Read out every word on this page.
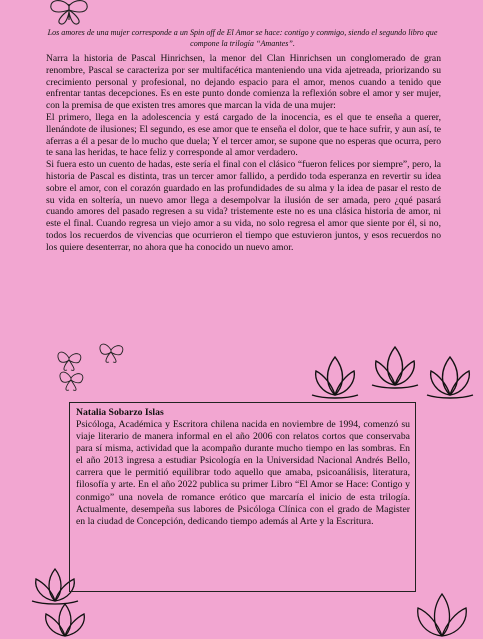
Los amores de una mujer corresponde a un Spin off de El Amor se hace: contigo y conmigo, siendo el segundo libro que compone la trilogía “Amantes”.

Narra la historia de Pascal Hinrichsen, la menor del Clan Hinrichsen un conglomerado de gran renombre, Pascal se caracteriza por ser multifacética manteniendo una vida ajetreada, priorizando su crecimiento personal y profesional, no dejando espacio para el amor, menos cuando a tenido que enfrentar tantas decepciones. Es en este punto donde comienza la reflexión sobre el amor y ser mujer, con la premisa de que existen tres amores que marcan la vida de una mujer:

El primero, llega en la adolescencia y está cargado de la inocencia, es el que te enseña a querer, llenándote de ilusiones; El segundo, es ese amor que te enseña el dolor, que te hace sufrir, y aun así, te aferras a él a pesar de lo mucho que duela; Y el tercer amor, se supone que no esperas que ocurra, pero te sana las heridas, te hace feliz y corresponde al amor verdadero.

Si fuera esto un cuento de hadas, este sería el final con el clásico “fueron felices por siempre”, pero, la historia de Pascal es distinta, tras un tercer amor fallido, a perdido toda esperanza en revertir su idea sobre el amor, con el corazón guardado en las profundidades de su alma y la idea de pasar el resto de su vida en soltería, un nuevo amor llega a desempolvar la ilusión de ser amada, pero ¿qué pasará cuando amores del pasado regresen a su vida? tristemente este no es una clásica historia de amor, ni este el final. Cuando regresa un viejo amor a su vida, no solo regresa el amor que siente por él, si no, todos los recuerdos de vivencias que ocurrieron el tiempo que estuvieron juntos, y esos recuerdos no los quiere desenterrar, no ahora que ha conocido un nuevo amor.

Natalia Sobarzo Islas
Psicóloga, Académica y Escritora chilena nacida en noviembre de 1994, comenzó su viaje literario de manera informal en el año 2006 con relatos cortos que conservaba para sí misma, actividad que la acompaño durante mucho tiempo en las sombras. En el año 2013 ingresa a estudiar Psicología en la Universidad Nacional Andrés Bello, carrera que le permitió equilibrar todo aquello que amaba, psicoanálisis, literatura, filosofía y arte. En el año 2022 publica su primer Libro “El Amor se Hace: Contigo y conmigo” una novela de romance erótico que marcaría el inicio de esta trilogía. Actualmente, desempeña sus labores de Psicóloga Clínica con el grado de Magister en la ciudad de Concepción, dedicando tiempo además al Arte y la Escritura.
